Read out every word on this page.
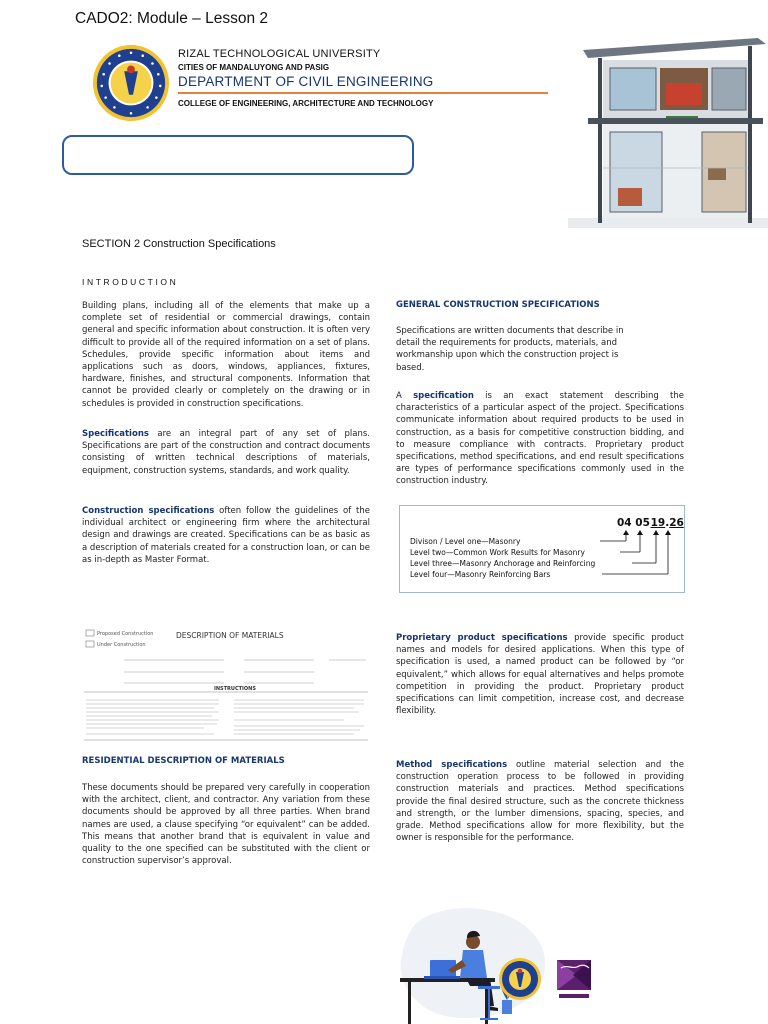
RIZAL TECHNOLOGICAL UNIVERSITY
CITIES OF MANDALUYONG AND PASIG
DEPARTMENT OF CIVIL ENGINEERING
COLLEGE OF ENGINEERING, ARCHITECTURE AND TECHNOLOGY
CADO2: Module – Lesson 2
SECTION 2 Construction Specifications
INTRODUCTION
Building plans, including all of the elements that make up a complete set of residential or commercial drawings, contain general and specific information about construction. It is often very difficult to provide all of the required information on a set of plans. Schedules, provide specific information about items and applications such as doors, windows, appliances, fixtures, hardware, finishes, and structural components. Information that cannot be provided clearly or completely on the drawing or in schedules is provided in construction specifications.
Specifications are an integral part of any set of plans. Specifications are part of the construction and contract documents consisting of written technical descriptions of materials, equipment, construction systems, standards, and work quality.
Construction specifications often follow the guidelines of the individual architect or engineering firm where the architectural design and drawings are created. Specifications can be as basic as a description of materials created for a construction loan, or can be as in-depth as Master Format.
Proposed Construction
Under Construction
DESCRIPTION OF MATERIALS
INSTRUCTIONS
RESIDENTIAL DESCRIPTION OF MATERIALS
These documents should be prepared very carefully in cooperation with the architect, client, and contractor. Any variation from these documents should be approved by all three parties. When brand names are used, a clause specifying “or equivalent” can be added. This means that another brand that is equivalent in value and quality to the one specified can be substituted with the client or construction supervisor’s approval.
GENERAL CONSTRUCTION SPECIFICATIONS
Specifications are written documents that describe in detail the requirements for products, materials, and workmanship upon which the construction project is based.
A specification is an exact statement describing the characteristics of a particular aspect of the project. Specifications communicate information about required products to be used in construction, as a basis for competitive construction bidding, and to measure compliance with contracts. Proprietary product specifications, method specifications, and end result specifications are types of performance specifications commonly used in the construction industry.
04 05 19.26
Divison / Level one—Masonry
Level two—Common Work Results for Masonry
Level three—Masonry Anchorage and Reinforcing
Level four—Masonry Reinforcing Bars
Proprietary product specifications provide specific product names and models for desired applications. When this type of specification is used, a named product can be followed by “or equivalent,” which allows for equal alternatives and helps promote competition in providing the product. Proprietary product specifications can limit competition, increase cost, and decrease flexibility.
Method specifications outline material selection and the construction operation process to be followed in providing construction materials and practices. Method specifications provide the final desired structure, such as the concrete thickness and strength, or the lumber dimensions, spacing, species, and grade. Method specifications allow for more flexibility, but the owner is responsible for the performance.
